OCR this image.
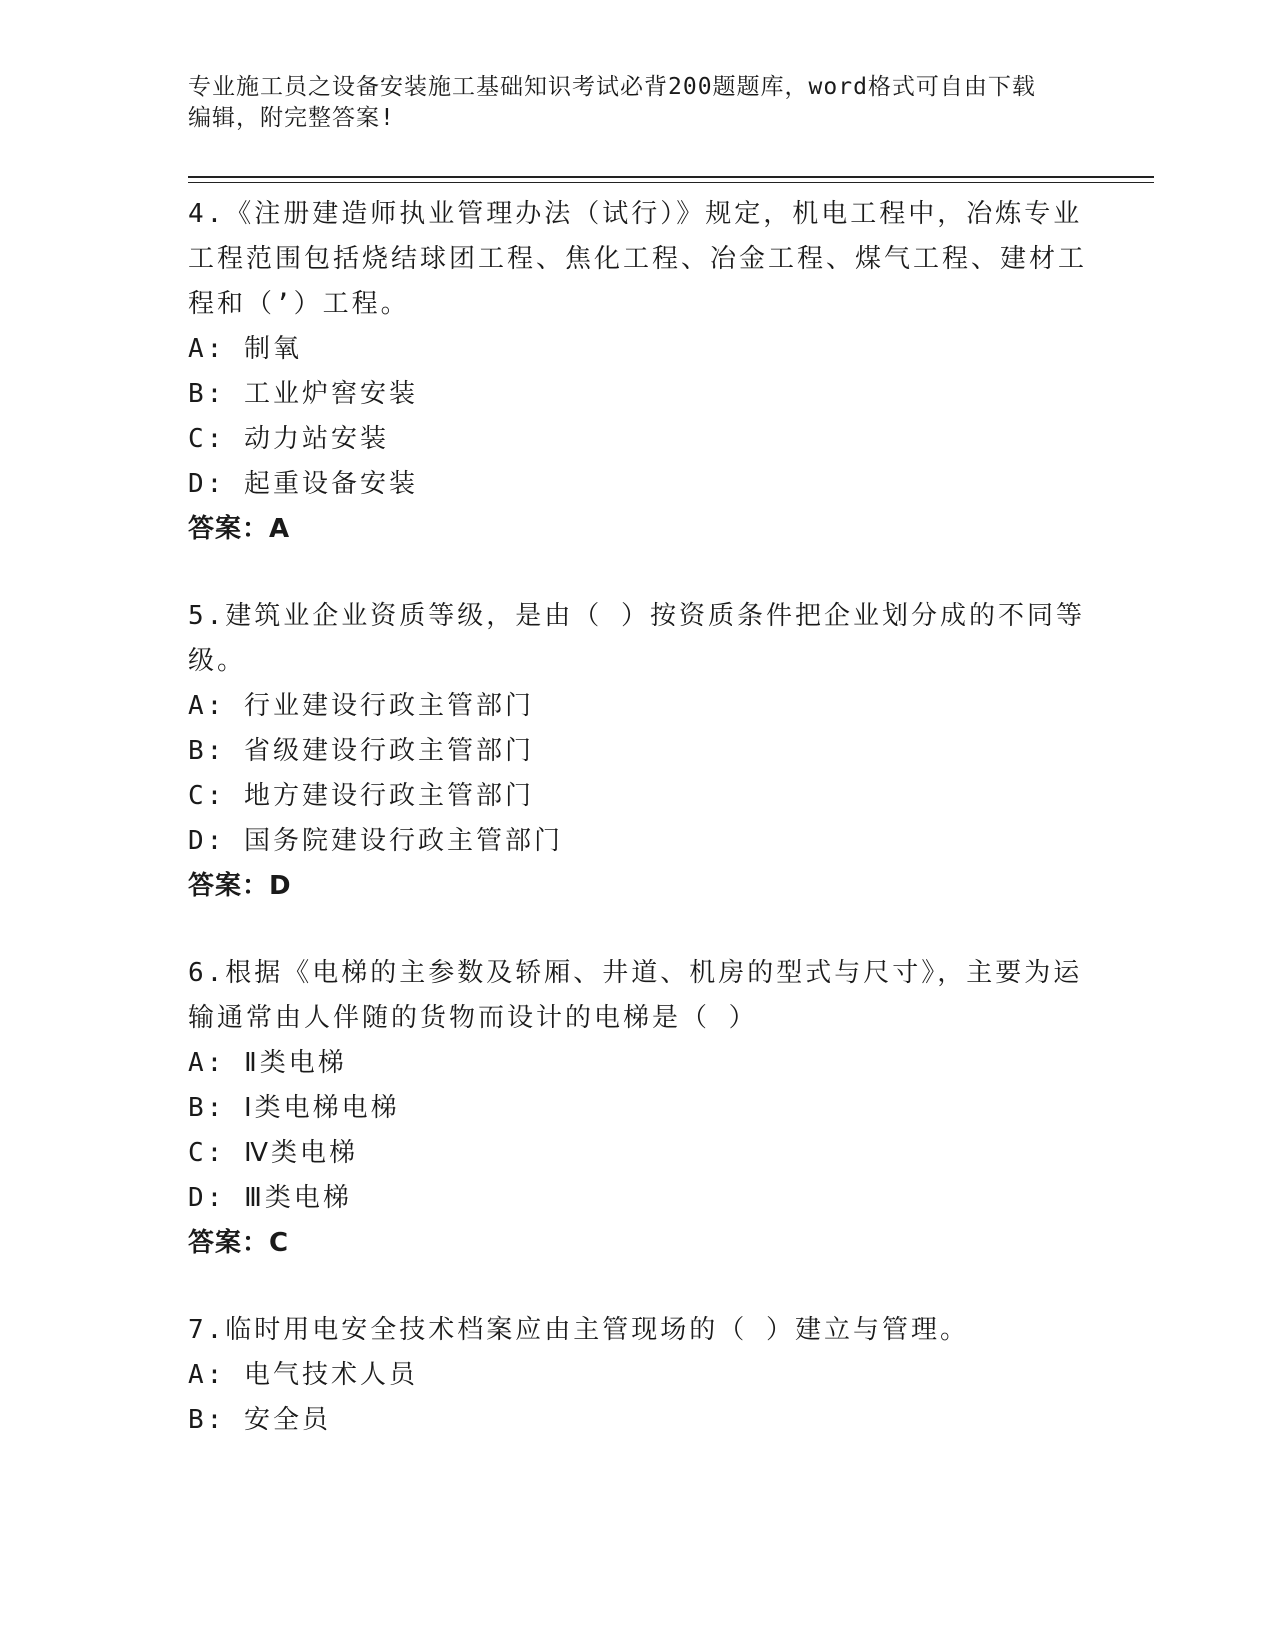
专业施工员之设备安装施工基础知识考试必背200题题库，word格式可自由下载
编辑，附完整答案!
4.《注册建造师执业管理办法（试行）》规定，机电工程中，冶炼专业工程范围包括烧结球团工程、焦化工程、冶金工程、煤气工程、建材工程和（’）工程。
A: 制氧
B: 工业炉窖安装
C: 动力站安装
D: 起重设备安装
答案：A
5.建筑业企业资质等级，是由（ ）按资质条件把企业划分成的不同等级。
A: 行业建设行政主管部门
B: 省级建设行政主管部门
C: 地方建设行政主管部门
D: 国务院建设行政主管部门
答案：D
6.根据《电梯的主参数及轿厢、井道、机房的型式与尺寸》，主要为运输通常由人伴随的货物而设计的电梯是（ ）
A: Ⅱ类电梯
B: Ⅰ类电梯电梯
C: Ⅳ类电梯
D: Ⅲ类电梯
答案：C
7.临时用电安全技术档案应由主管现场的（ ）建立与管理。
A: 电气技术人员
B: 安全员
